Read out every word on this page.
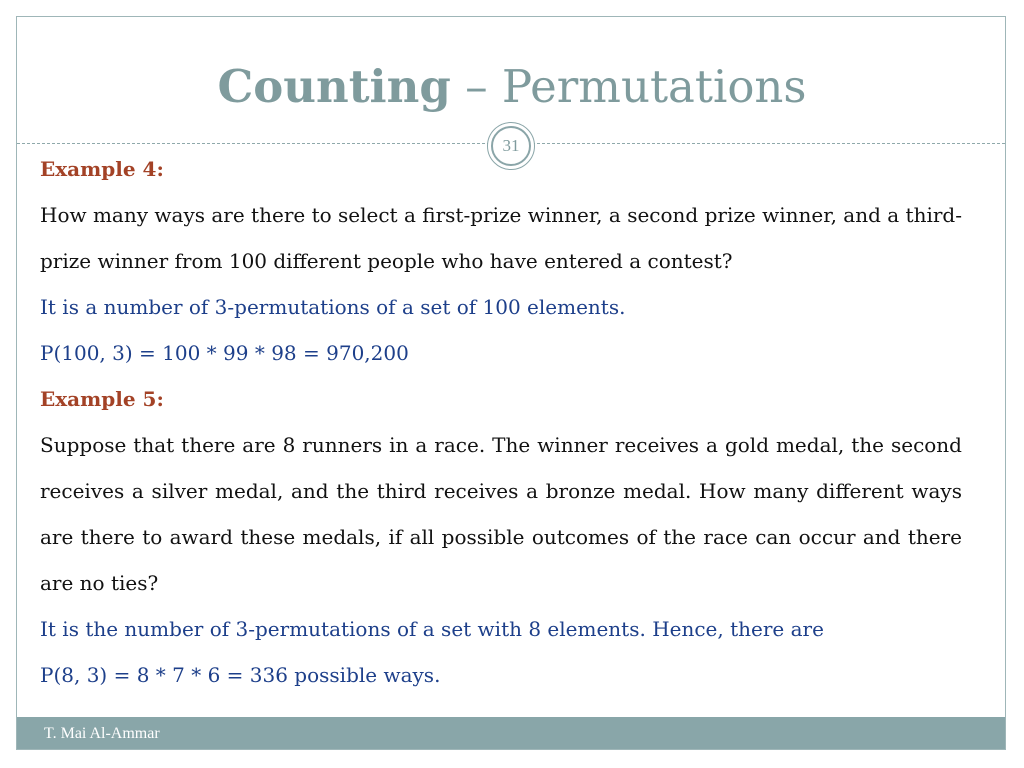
Counting – Permutations
31

Example 4:

How many ways are there to select a first-prize winner, a second prize winner, and a third-prize winner from 100 different people who have entered a contest?

It is a number of 3-permutations of a set of 100 elements.

P(100, 3) = 100 * 99 * 98 = 970,200

Example 5:

Suppose that there are 8 runners in a race. The winner receives a gold medal, the second receives a silver medal, and the third receives a bronze medal. How many different ways are there to award these medals, if all possible outcomes of the race can occur and there are no ties?

It is the number of 3-permutations of a set with 8 elements. Hence, there are

P(8, 3) = 8 * 7 * 6 = 336 possible ways.

T. Mai Al-Ammar
